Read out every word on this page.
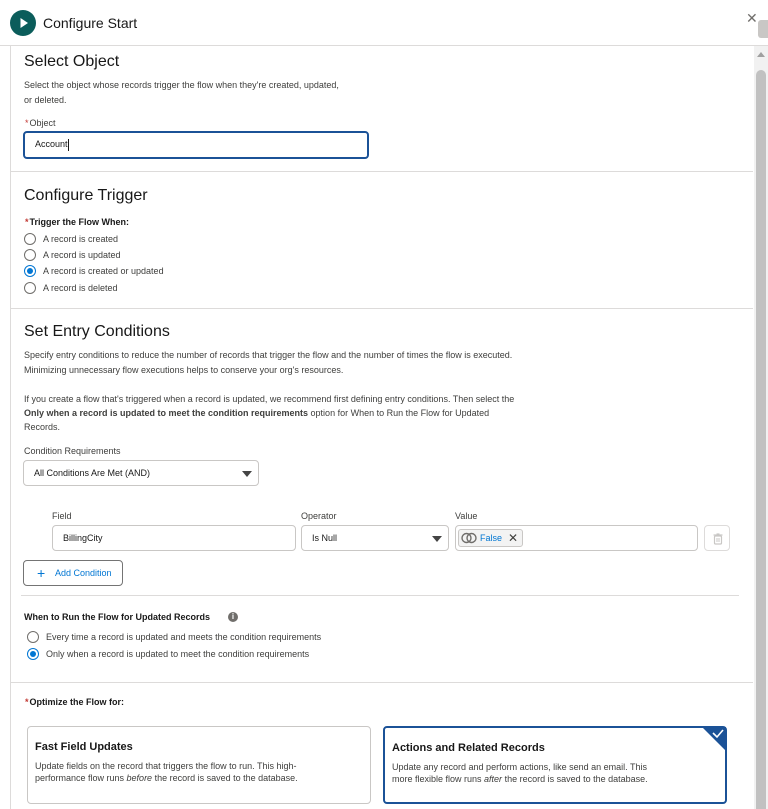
Configure Start	✕
Select Object
Select the object whose records trigger the flow when they're created, updated,
or deleted.
*Object
Account
Configure Trigger
*Trigger the Flow When:
A record is created
A record is updated
A record is created or updated
A record is deleted
Set Entry Conditions
Specify entry conditions to reduce the number of records that trigger the flow and the number of times the flow is executed.
Minimizing unnecessary flow executions helps to conserve your org's resources.
If you create a flow that's triggered when a record is updated, we recommend first defining entry conditions. Then select the
Only when a record is updated to meet the condition requirements option for When to Run the Flow for Updated
Records.
Condition Requirements
All Conditions Are Met (AND)
Field	Operator	Value
BillingCity	Is Null	False ✕
+ Add Condition
When to Run the Flow for Updated Records	i
Every time a record is updated and meets the condition requirements
Only when a record is updated to meet the condition requirements
*Optimize the Flow for:
Fast Field Updates
Update fields on the record that triggers the flow to run. This high-
performance flow runs before the record is saved to the database.
Actions and Related Records
Update any record and perform actions, like send an email. This
more flexible flow runs after the record is saved to the database.
